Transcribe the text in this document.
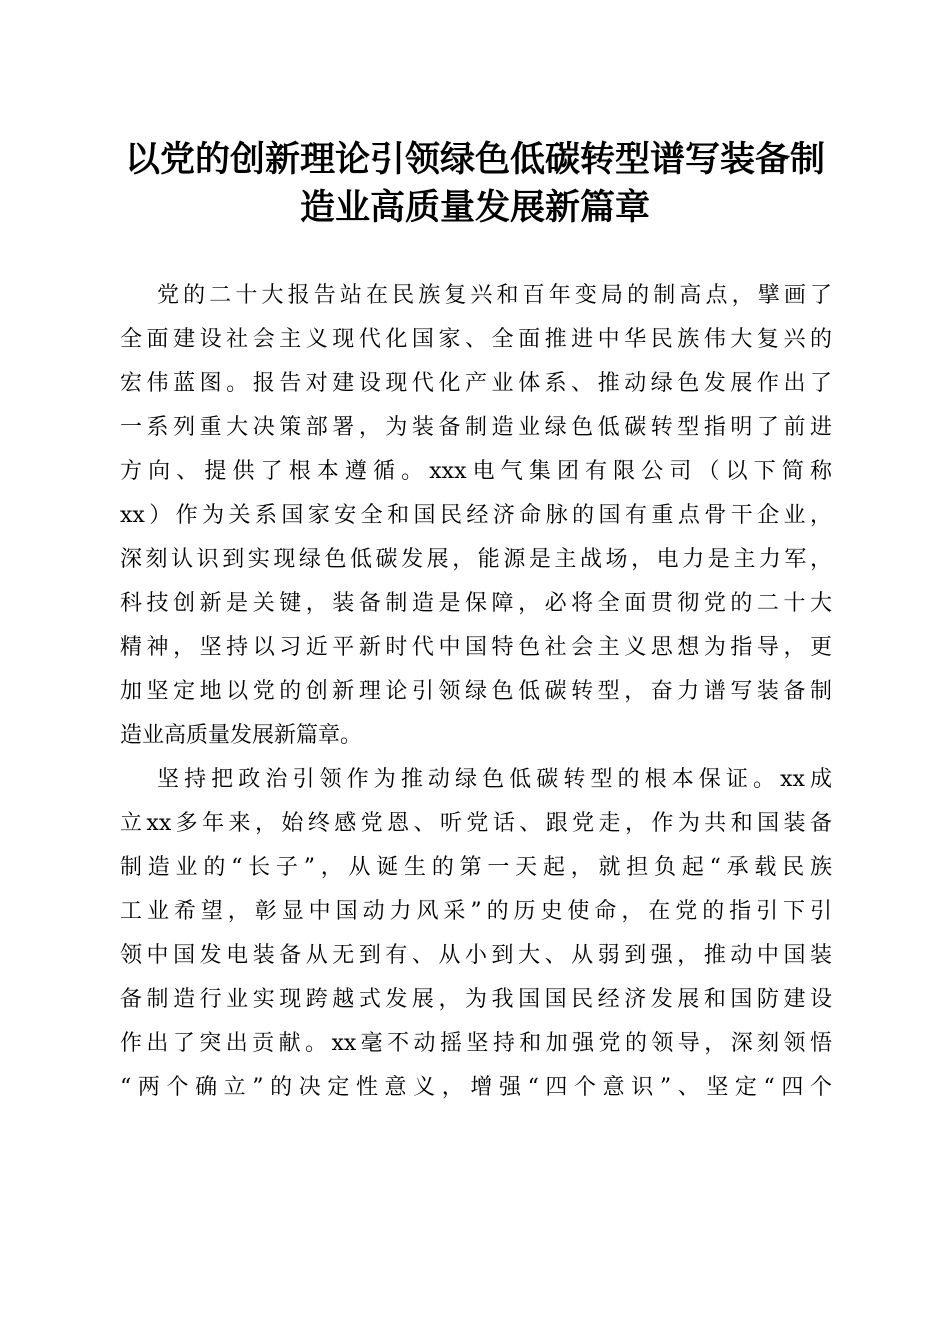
以党的创新理论引领绿色低碳转型谱写装备制
造业高质量发展新篇章
党的二十大报告站在民族复兴和百年变局的制高点，擘画了
全面建设社会主义现代化国家、全面推进中华民族伟大复兴的
宏伟蓝图。报告对建设现代化产业体系、推动绿色发展作出了
一系列重大决策部署，为装备制造业绿色低碳转型指明了前进
方向、提供了根本遵循。xxx电气集团有限公司（以下简称
xx）作为关系国家安全和国民经济命脉的国有重点骨干企业，
深刻认识到实现绿色低碳发展，能源是主战场，电力是主力军，
科技创新是关键，装备制造是保障，必将全面贯彻党的二十大
精神，坚持以习近平新时代中国特色社会主义思想为指导，更
加坚定地以党的创新理论引领绿色低碳转型，奋力谱写装备制
造业高质量发展新篇章。
坚持把政治引领作为推动绿色低碳转型的根本保证。xx成
立xx多年来，始终感党恩、听党话、跟党走，作为共和国装备
制造业的“长子”，从诞生的第一天起，就担负起“承载民族
工业希望，彰显中国动力风采”的历史使命，在党的指引下引
领中国发电装备从无到有、从小到大、从弱到强，推动中国装
备制造行业实现跨越式发展，为我国国民经济发展和国防建设
作出了突出贡献。xx毫不动摇坚持和加强党的领导，深刻领悟
“两个确立”的决定性意义，增强“四个意识”、坚定“四个
